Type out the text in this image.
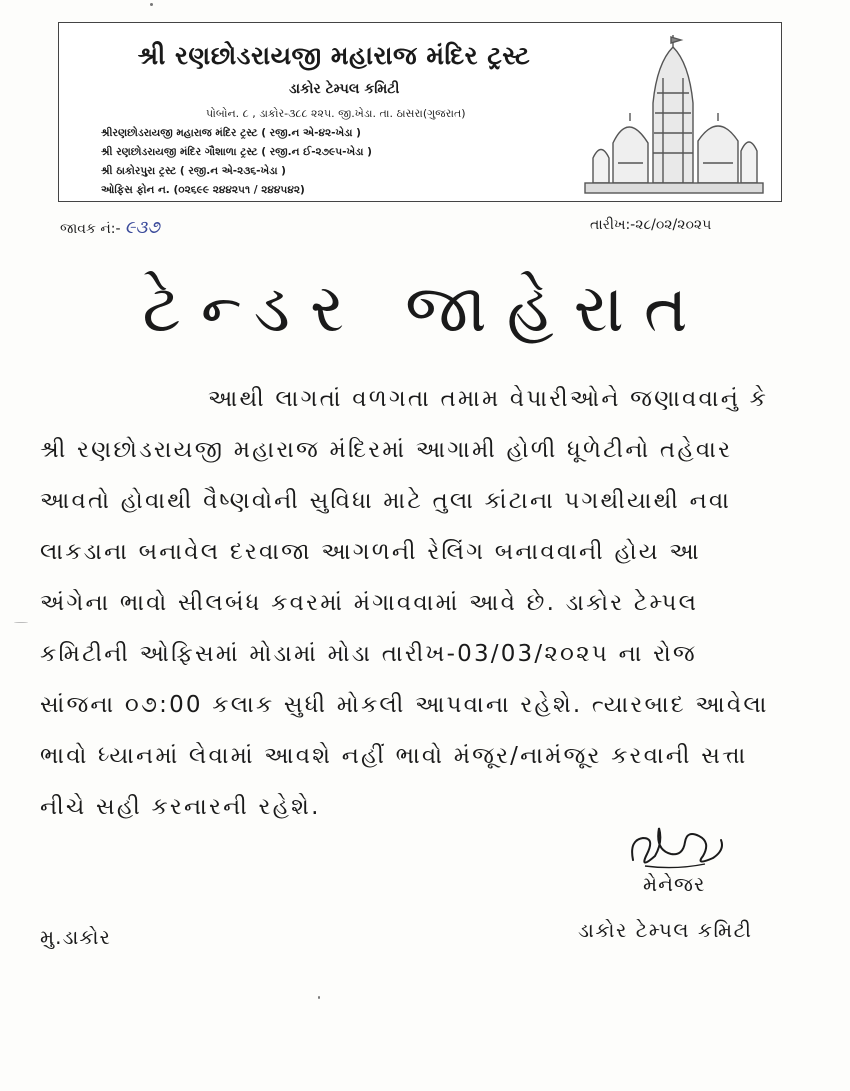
શ્રી રણછોડરાયજી મહારાજ મંદિર ટ્રસ્ટ
ડાકોર ટેમ્પલ કમિટી
પોબોન. ૮ , ડાકોર-૩૮૮ ૨૨૫. જી.ખેડા. તા. ઠાસરા(ગુજરાત)
શ્રીરણછોડરાયજી મહારાજ મંદિર ટ્રસ્ટ ( રજી.ન એ-૪૨-ખેડા )
શ્રી રણછોડરાયજી મંદિર ગૌશાળા ટ્રસ્ટ ( રજી.ન ઈ-૨૭૯૫-ખેડા )
શ્રી ઠાકોરપુરા ટ્રસ્ટ ( રજી.ન એ-૨૩૬-ખેડા )
ઓફિસ ફોન ન. (૦૨૬૯૯ ૨૪૪૨૫૧ / ૨૪૪૫૪૨)
જાવક નં:- ૯૩૭	તારીખ:-૨૮/૦૨/૨૦૨૫
ટેન્ડર જાહેરાત
આથી લાગતાં વળગતા તમામ વેપારીઓને જણાવવાનું કે
શ્રી રણછોડરાયજી મહારાજ મંદિરમાં આગામી હોળી ધૂળેટીનો તહેવાર
આવતો હોવાથી વૈષ્ણવોની સુવિધા માટે તુલા કાંટાના પગથીયાથી નવા
લાકડાના બનાવેલ દરવાજા આગળની રેલિંગ બનાવવાની હોય આ
અંગેના ભાવો સીલબંધ કવરમાં મંગાવવામાં આવે છે. ડાકોર ટેમ્પલ
કમિટીની ઓફિસમાં મોડામાં મોડા તારીખ-03/03/૨૦૨૫ ના રોજ
સાંજના ૦૭:00 કલાક સુધી મોકલી આપવાના રહેશે. ત્યારબાદ આવેલા
ભાવો ધ્યાનમાં લેવામાં આવશે નહીં ભાવો મંજૂર/નામંજૂર કરવાની સત્તા
નીચે સહી કરનારની રહેશે.
મેનેજર
ડાકોર ટેમ્પલ કમિટી
મુ.ડાકોર
